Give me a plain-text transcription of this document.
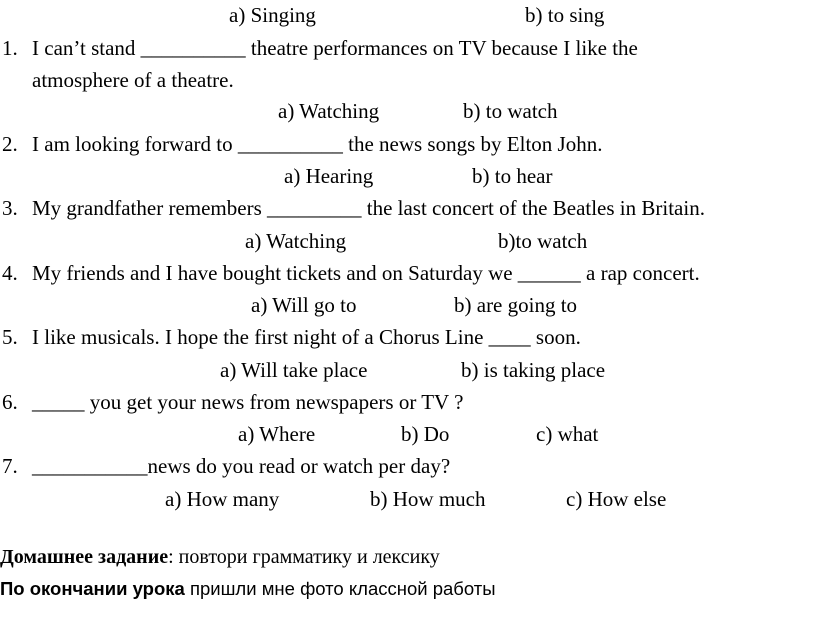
a) Singing	b) to sing
1. I can’t stand __________ theatre performances on TV because I like the
atmosphere of a theatre.
a) Watching	b) to watch
2. I am looking forward to __________ the news songs by Elton John.
a) Hearing	b) to hear
3. My grandfather remembers _________ the last concert of the Beatles in Britain.
a) Watching	b)to watch
4. My friends and I have bought tickets and on Saturday we ______ a rap concert.
a) Will go to	b) are going to
5. I like musicals. I hope the first night of a Chorus Line ____ soon.
a) Will take place	b) is taking place
6. _____ you get your news from newspapers or TV ?
a) Where	b) Do	c) what
7. ___________news do you read or watch per day?
a) How many	b) How much	c) How else
Домашнее задание: повтори грамматику и лексику
По окончании урока пришли мне фото классной работы
